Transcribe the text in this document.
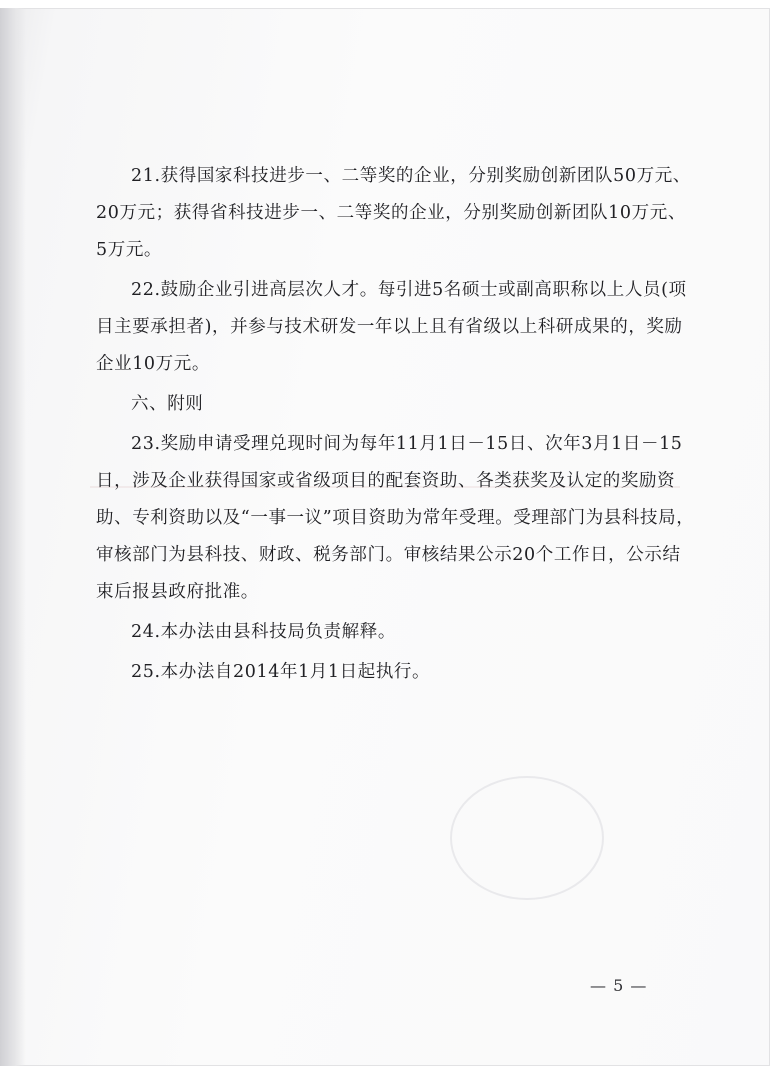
21.获得国家科技进步一、二等奖的企业，分别奖励创新团队50万元、20万元；获得省科技进步一、二等奖的企业，分别奖励创新团队10万元、5万元。

22.鼓励企业引进高层次人才。每引进5名硕士或副高职称以上人员(项目主要承担者)，并参与技术研发一年以上且有省级以上科研成果的，奖励企业10万元。

六、附则

23.奖励申请受理兑现时间为每年11月1日－15日、次年3月1日－15日，涉及企业获得国家或省级项目的配套资助、各类获奖及认定的奖励资助、专利资助以及“一事一议”项目资助为常年受理。受理部门为县科技局，审核部门为县科技、财政、税务部门。审核结果公示20个工作日，公示结束后报县政府批准。

24.本办法由县科技局负责解释。

25.本办法自2014年1月1日起执行。

— 5 —
